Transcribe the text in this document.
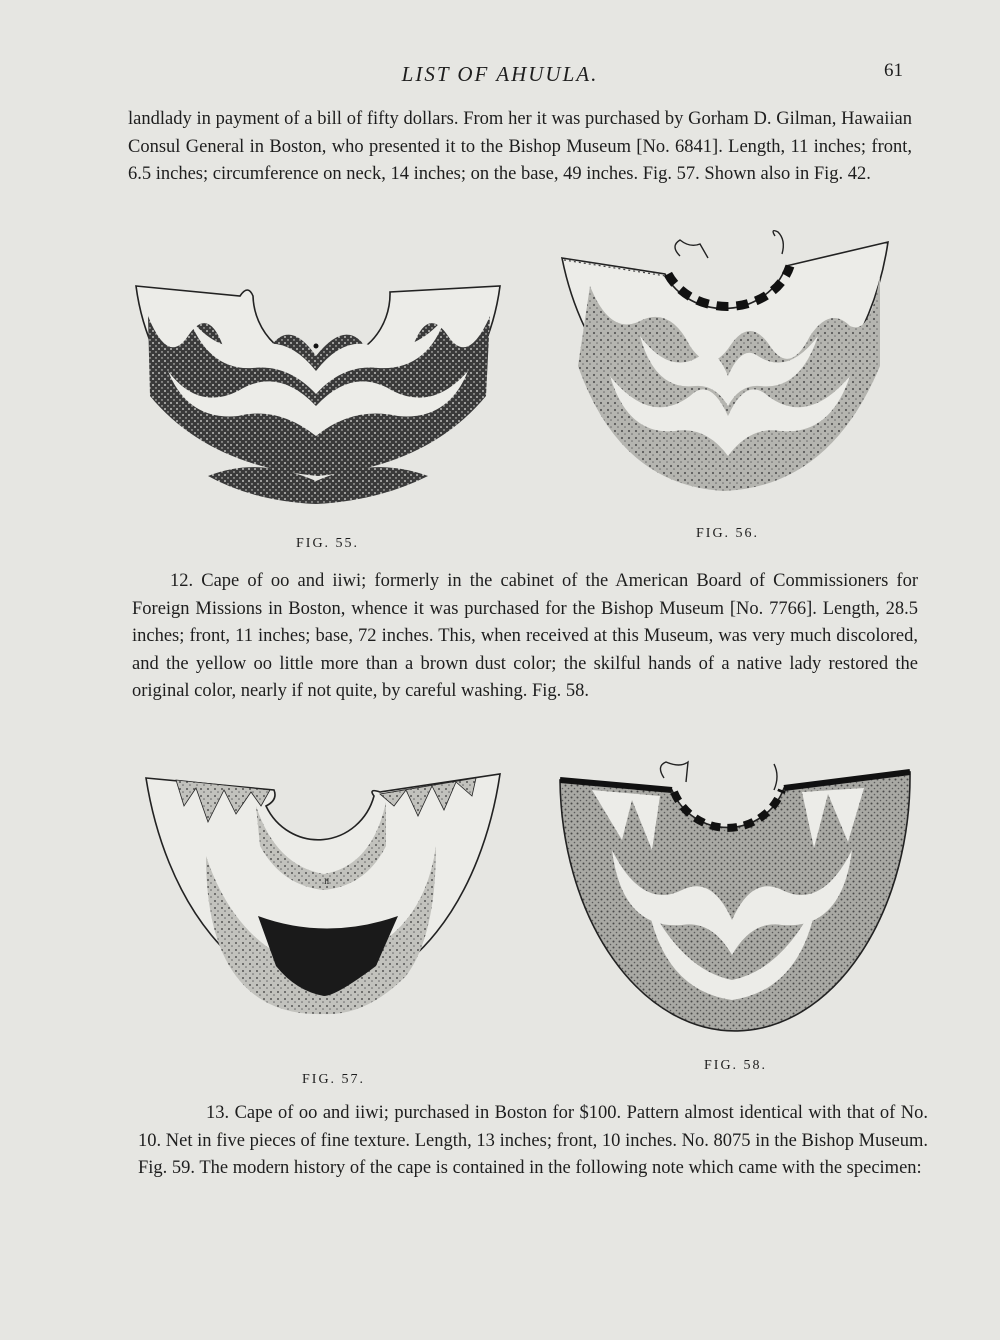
LIST OF AHUULA.	61

landlady in payment of a bill of fifty dollars. From her it was purchased by Gorham D. Gilman, Hawaiian Consul General in Boston, who presented it to the Bishop Museum [No. 6841]. Length, 11 inches; front, 6.5 inches; circumference on neck, 14 inches; on the base, 49 inches. Fig. 57. Shown also in Fig. 42.

FIG. 55.
FIG. 56.

12. Cape of oo and iiwi; formerly in the cabinet of the American Board of Commissioners for Foreign Missions in Boston, whence it was purchased for the Bishop Museum [No. 7766]. Length, 28.5 inches; front, 11 inches; base, 72 inches. This, when received at this Museum, was very much discolored, and the yellow oo little more than a brown dust color; the skilful hands of a native lady restored the original color, nearly if not quite, by careful washing. Fig. 58.

II
FIG. 57.
FIG. 58.

13. Cape of oo and iiwi; purchased in Boston for $100. Pattern almost identical with that of No. 10. Net in five pieces of fine texture. Length, 13 inches; front, 10 inches. No. 8075 in the Bishop Museum. Fig. 59. The modern history of the cape is contained in the following note which came with the specimen:
